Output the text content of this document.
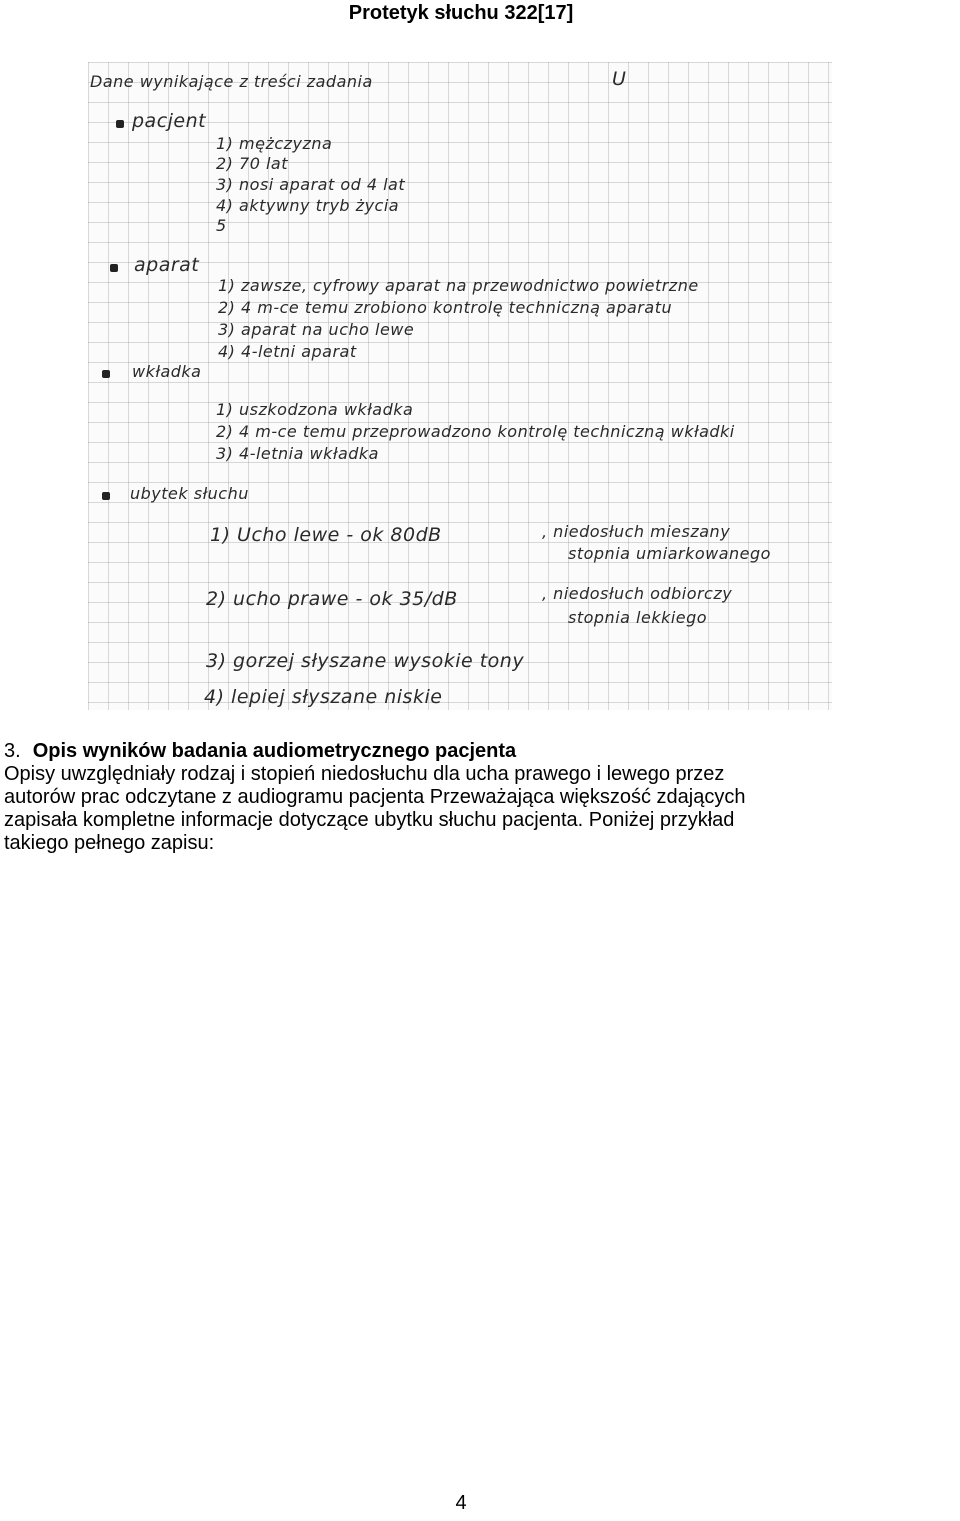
Protetyk słuchu 322[17]
Dane wynikające z treści zadania	U
pacjent
1) mężczyzna
2) 70 lat
3) nosi aparat od 4 lat
4) aktywny tryb życia
5
aparat
1) zawsze, cyfrowy aparat na przewodnictwo powietrzne
2) 4 m-ce temu zrobiono kontrolę techniczną aparatu
3) aparat na ucho lewe
4) 4-letni aparat
wkładka
1) uszkodzona wkładka
2) 4 m-ce temu przeprowadzono kontrolę techniczną wkładki
3) 4-letnia wkładka
ubytek słuchu
1) Ucho lewe - ok 80dB	, niedosłuch mieszany
stopnia umiarkowanego
2) ucho prawe - ok 35/dB	, niedosłuch odbiorczy
stopnia lekkiego
3) gorzej słyszane wysokie tony
4) lepiej słyszane niskie
3. Opis wyników badania audiometrycznego pacjenta

Opisy uwzględniały rodzaj i stopień niedosłuchu dla ucha prawego i lewego przez

autorów prac odczytane z audiogramu pacjenta Przeważająca większość zdających

zapisała kompletne informacje dotyczące ubytku słuchu pacjenta. Poniżej przykład

takiego pełnego zapisu:

4
